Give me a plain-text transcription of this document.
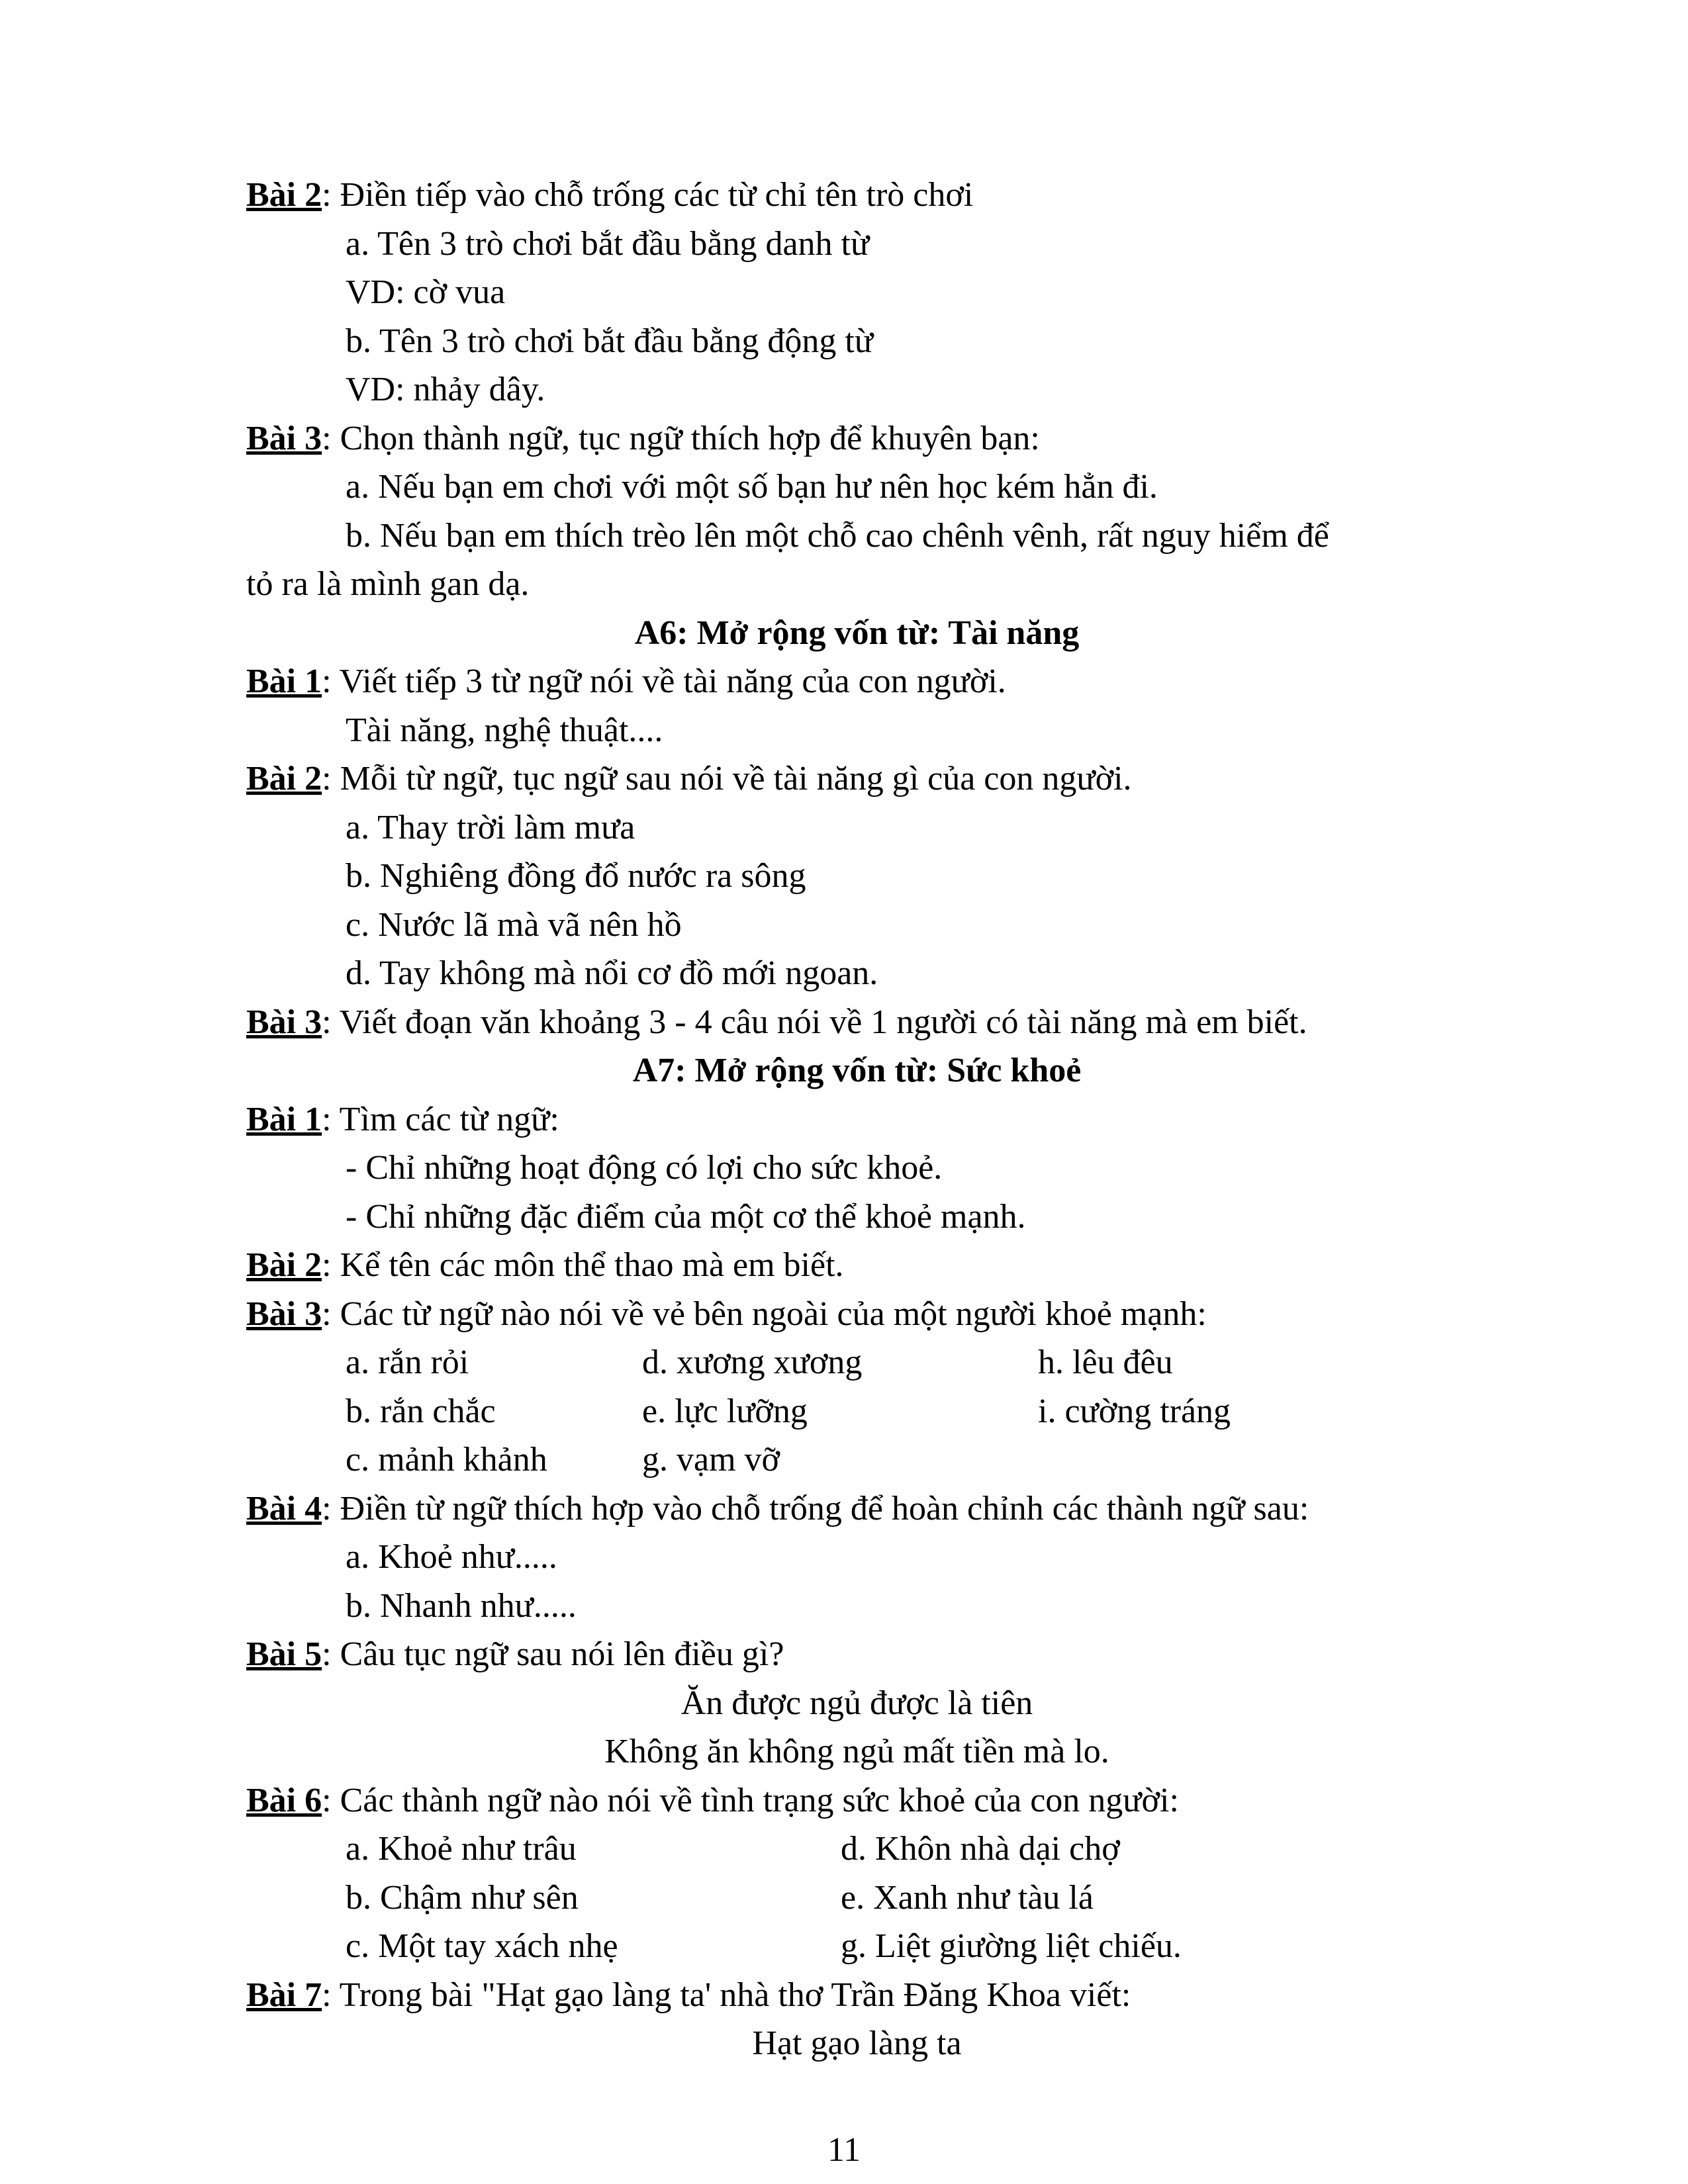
Bài 2: Điền tiếp vào chỗ trống các từ chỉ tên trò chơi
a. Tên 3 trò chơi bắt đầu bằng danh từ
VD: cờ vua
b. Tên 3 trò chơi bắt đầu bằng động từ
VD: nhảy dây.
Bài 3: Chọn thành ngữ, tục ngữ thích hợp để khuyên bạn:
a. Nếu bạn em chơi với một số bạn hư nên học kém hẳn đi.
b. Nếu bạn em thích trèo lên một chỗ cao chênh vênh, rất nguy hiểm để
tỏ ra là mình gan dạ.
A6: Mở rộng vốn từ: Tài năng
Bài 1: Viết tiếp 3 từ ngữ nói về tài năng của con người.
Tài năng, nghệ thuật....
Bài 2: Mỗi từ ngữ, tục ngữ sau nói về tài năng gì của con người.
a. Thay trời làm mưa
b. Nghiêng đồng đổ nước ra sông
c. Nước lã mà vã nên hồ
d. Tay không mà nổi cơ đồ mới ngoan.
Bài 3: Viết đoạn văn khoảng 3 - 4 câu nói về 1 người có tài năng mà em biết.
A7: Mở rộng vốn từ: Sức khoẻ
Bài 1: Tìm các từ ngữ:
- Chỉ những hoạt động có lợi cho sức khoẻ.
- Chỉ những đặc điểm của một cơ thể khoẻ mạnh.
Bài 2: Kể tên các môn thể thao mà em biết.
Bài 3: Các từ ngữ nào nói về vẻ bên ngoài của một người khoẻ mạnh:
a. rắn rỏi	d. xương xương	h. lêu đêu
b. rắn chắc	e. lực lưỡng	i. cường tráng
c. mảnh khảnh	g. vạm vỡ
Bài 4: Điền từ ngữ thích hợp vào chỗ trống để hoàn chỉnh các thành ngữ sau:
a. Khoẻ như.....
b. Nhanh như.....
Bài 5: Câu tục ngữ sau nói lên điều gì?
Ăn được ngủ được là tiên
Không ăn không ngủ mất tiền mà lo.
Bài 6: Các thành ngữ nào nói về tình trạng sức khoẻ của con người:
a. Khoẻ như trâu	d. Khôn nhà dại chợ
b. Chậm như sên	e. Xanh như tàu lá
c. Một tay xách nhẹ	g. Liệt giường liệt chiếu.
Bài 7: Trong bài "Hạt gạo làng ta' nhà thơ Trần Đăng Khoa viết:
Hạt gạo làng ta
11
